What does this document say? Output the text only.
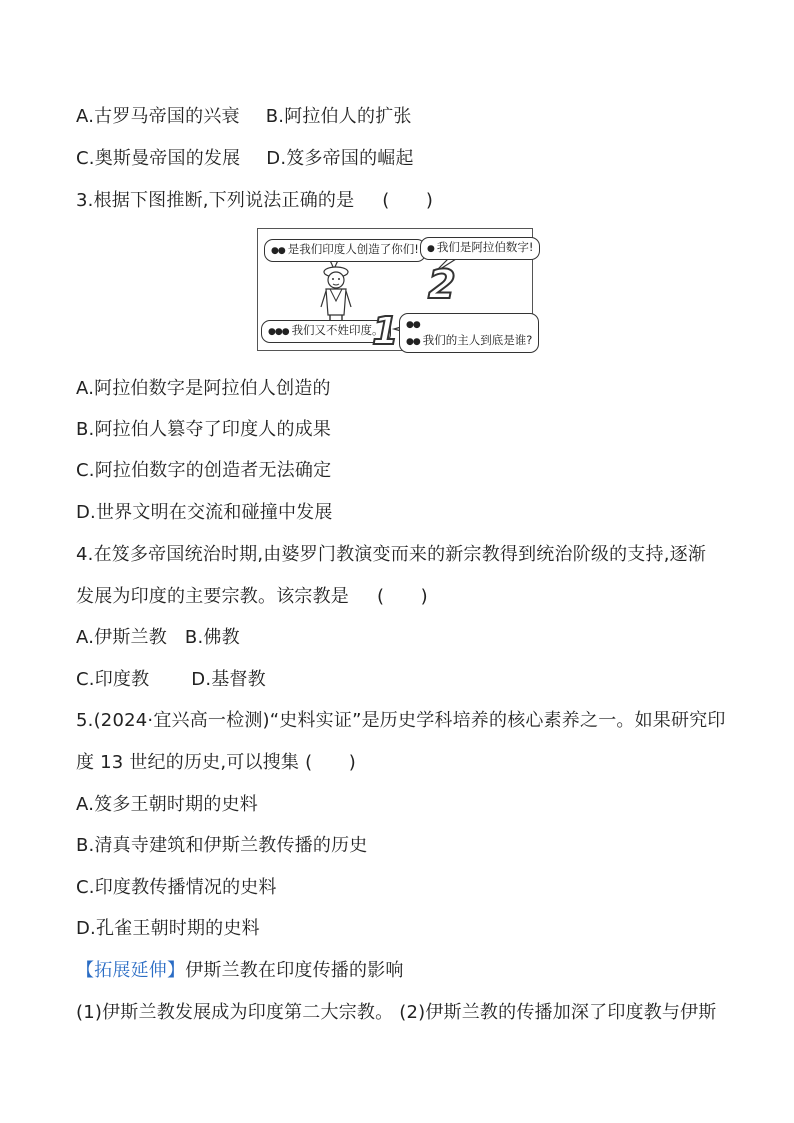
A.古罗马帝国的兴衰 B.阿拉伯人的扩张
C.奥斯曼帝国的发展 D.笈多帝国的崛起
3.根据下图推断,下列说法正确的是 (　　)
●● 是我们印度人创造了你们! ● 我们是阿拉伯数字!
●●● 我们又不姓印度。	●●
●● 我们的主人到底是谁?
2
1
A.阿拉伯数字是阿拉伯人创造的
B.阿拉伯人篡夺了印度人的成果
C.阿拉伯数字的创造者无法确定
D.世界文明在交流和碰撞中发展
4.在笈多帝国统治时期,由婆罗门教演变而来的新宗教得到统治阶级的支持,逐渐
发展为印度的主要宗教。该宗教是 (　　)
A.伊斯兰教 B.佛教
C.印度教 D.基督教
5.(2024·宜兴高一检测)“史料实证”是历史学科培养的核心素养之一。如果研究印
度 13 世纪的历史,可以搜集 (　　)
A.笈多王朝时期的史料
B.清真寺建筑和伊斯兰教传播的历史
C.印度教传播情况的史料
D.孔雀王朝时期的史料
【拓展延伸】伊斯兰教在印度传播的影响
(1)伊斯兰教发展成为印度第二大宗教。 (2)伊斯兰教的传播加深了印度教与伊斯
